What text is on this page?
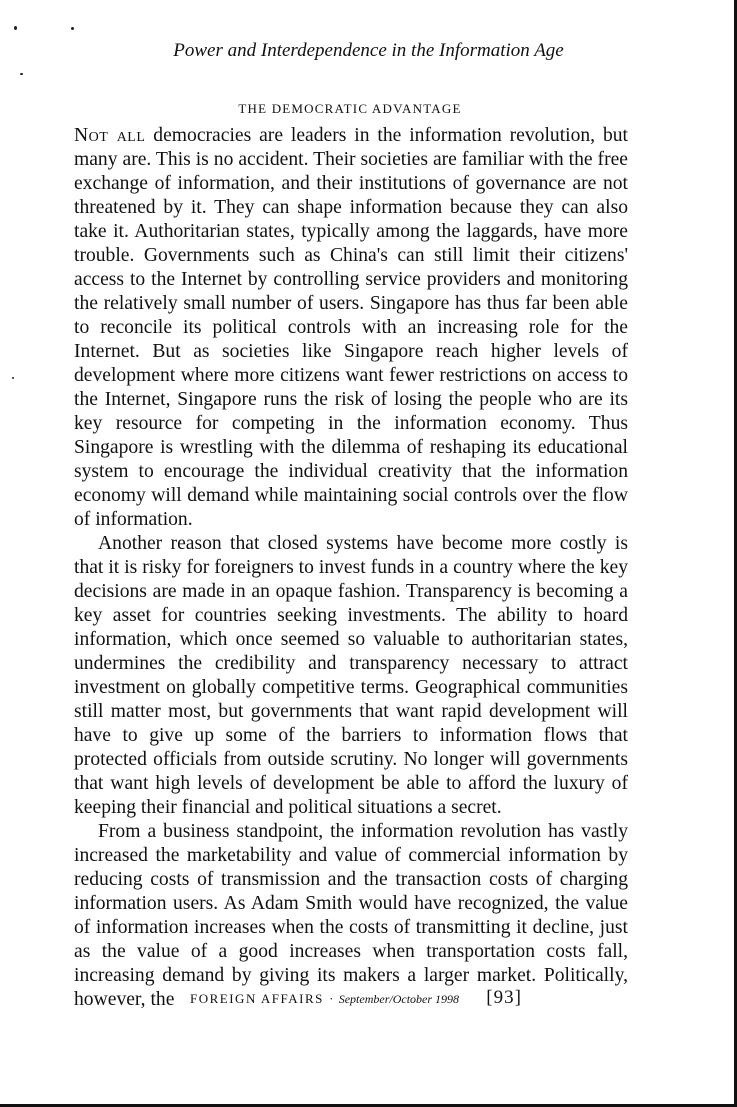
Power and Interdependence in the Information Age
THE DEMOCRATIC ADVANTAGE

Not all democracies are leaders in the information revolution, but many are. This is no accident. Their societies are familiar with the free exchange of information, and their institutions of governance are not threatened by it. They can shape information because they can also take it. Authoritarian states, typically among the laggards, have more trouble. Governments such as China's can still limit their citizens' access to the Internet by controlling service providers and monitoring the relatively small number of users. Singapore has thus far been able to reconcile its political controls with an increasing role for the Internet. But as societies like Singapore reach higher levels of development where more citizens want fewer restrictions on access to the Internet, Singapore runs the risk of losing the people who are its key resource for competing in the information economy. Thus Singapore is wrestling with the dilemma of reshaping its educational system to encourage the individual creativity that the information economy will demand while maintaining social controls over the flow of information.

Another reason that closed systems have become more costly is that it is risky for foreigners to invest funds in a country where the key decisions are made in an opaque fashion. Transparency is becoming a key asset for countries seeking investments. The ability to hoard information, which once seemed so valuable to authoritarian states, undermines the credibility and transparency necessary to attract investment on globally competitive terms. Geographical communities still matter most, but governments that want rapid development will have to give up some of the barriers to information flows that protected officials from outside scrutiny. No longer will governments that want high levels of development be able to afford the luxury of keeping their financial and political situations a secret.

From a business standpoint, the information revolution has vastly increased the marketability and value of commercial information by reducing costs of transmission and the transaction costs of charging information users. As Adam Smith would have recognized, the value of information increases when the costs of transmitting it decline, just as the value of a good increases when transportation costs fall, increasing demand by giving its makers a larger market. Politically, however, the	FOREIGN AFFAIRS · September/October 1998 [93]
